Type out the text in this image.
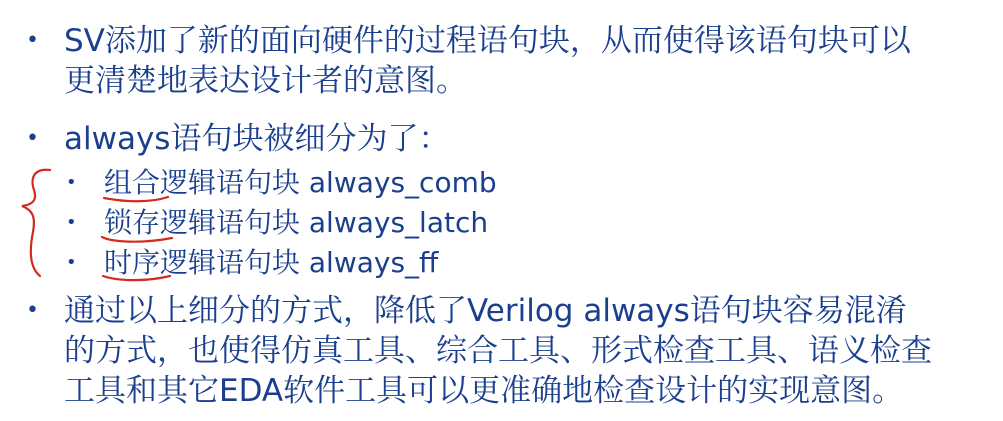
• SV添加了新的面向硬件的过程语句块，从而使得该语句块可以
更清楚地表达设计者的意图。
• always语句块被细分为了：
• 组合逻辑语句块 always_comb
• 锁存逻辑语句块 always_latch
• 时序逻辑语句块 always_ff
• 通过以上细分的方式，降低了Verilog always语句块容易混淆
的方式，也使得仿真工具、综合工具、形式检查工具、语义检查
工具和其它EDA软件工具可以更准确地检查设计的实现意图。
